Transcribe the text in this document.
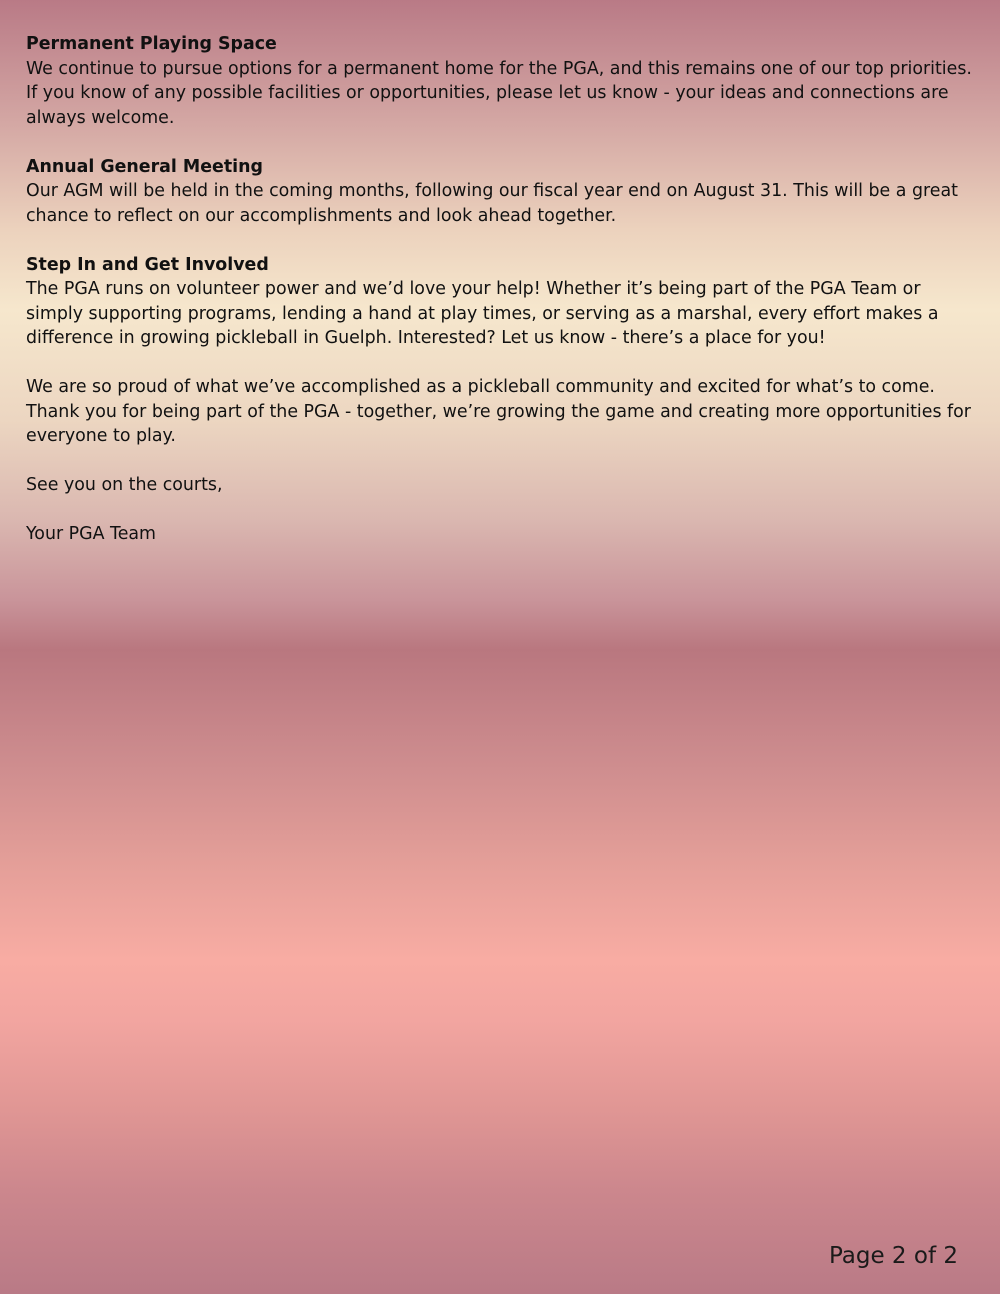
Permanent Playing Space

We continue to pursue options for a permanent home for the PGA, and this remains one of our top priorities. If you know of any possible facilities or opportunities, please let us know - your ideas and connections are always welcome.

Annual General Meeting

Our AGM will be held in the coming months, following our fiscal year end on August 31. This will be a great chance to reflect on our accomplishments and look ahead together.

Step In and Get Involved

The PGA runs on volunteer power and we’d love your help! Whether it’s being part of the PGA Team or simply supporting programs, lending a hand at play times, or serving as a marshal, every effort makes a difference in growing pickleball in Guelph. Interested? Let us know - there’s a place for you!

We are so proud of what we’ve accomplished as a pickleball community and excited for what’s to come. Thank you for being part of the PGA - together, we’re growing the game and creating more opportunities for everyone to play.

See you on the courts,

Your PGA Team

Page 2 of 2
